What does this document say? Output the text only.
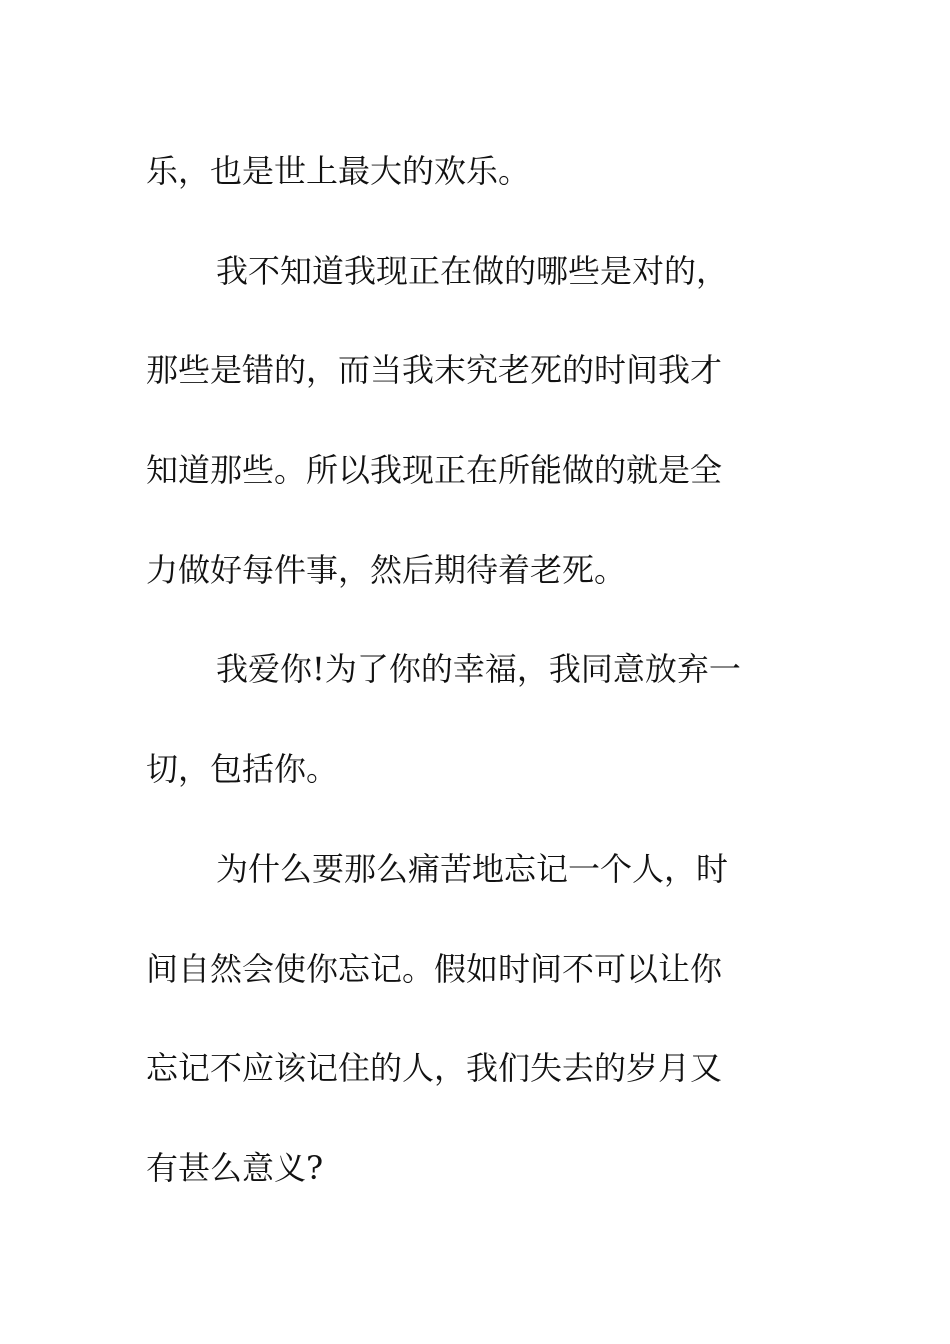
乐，也是世上最大的欢乐。
我不知道我现正在做的哪些是对的，
那些是错的，而当我末究老死的时间我才
知道那些。所以我现正在所能做的就是全
力做好每件事，然后期待着老死。
我爱你!为了你的幸福，我同意放弃一
切，包括你。
为什么要那么痛苦地忘记一个人，时
间自然会使你忘记。假如时间不可以让你
忘记不应该记住的人，我们失去的岁月又
有甚么意义?
